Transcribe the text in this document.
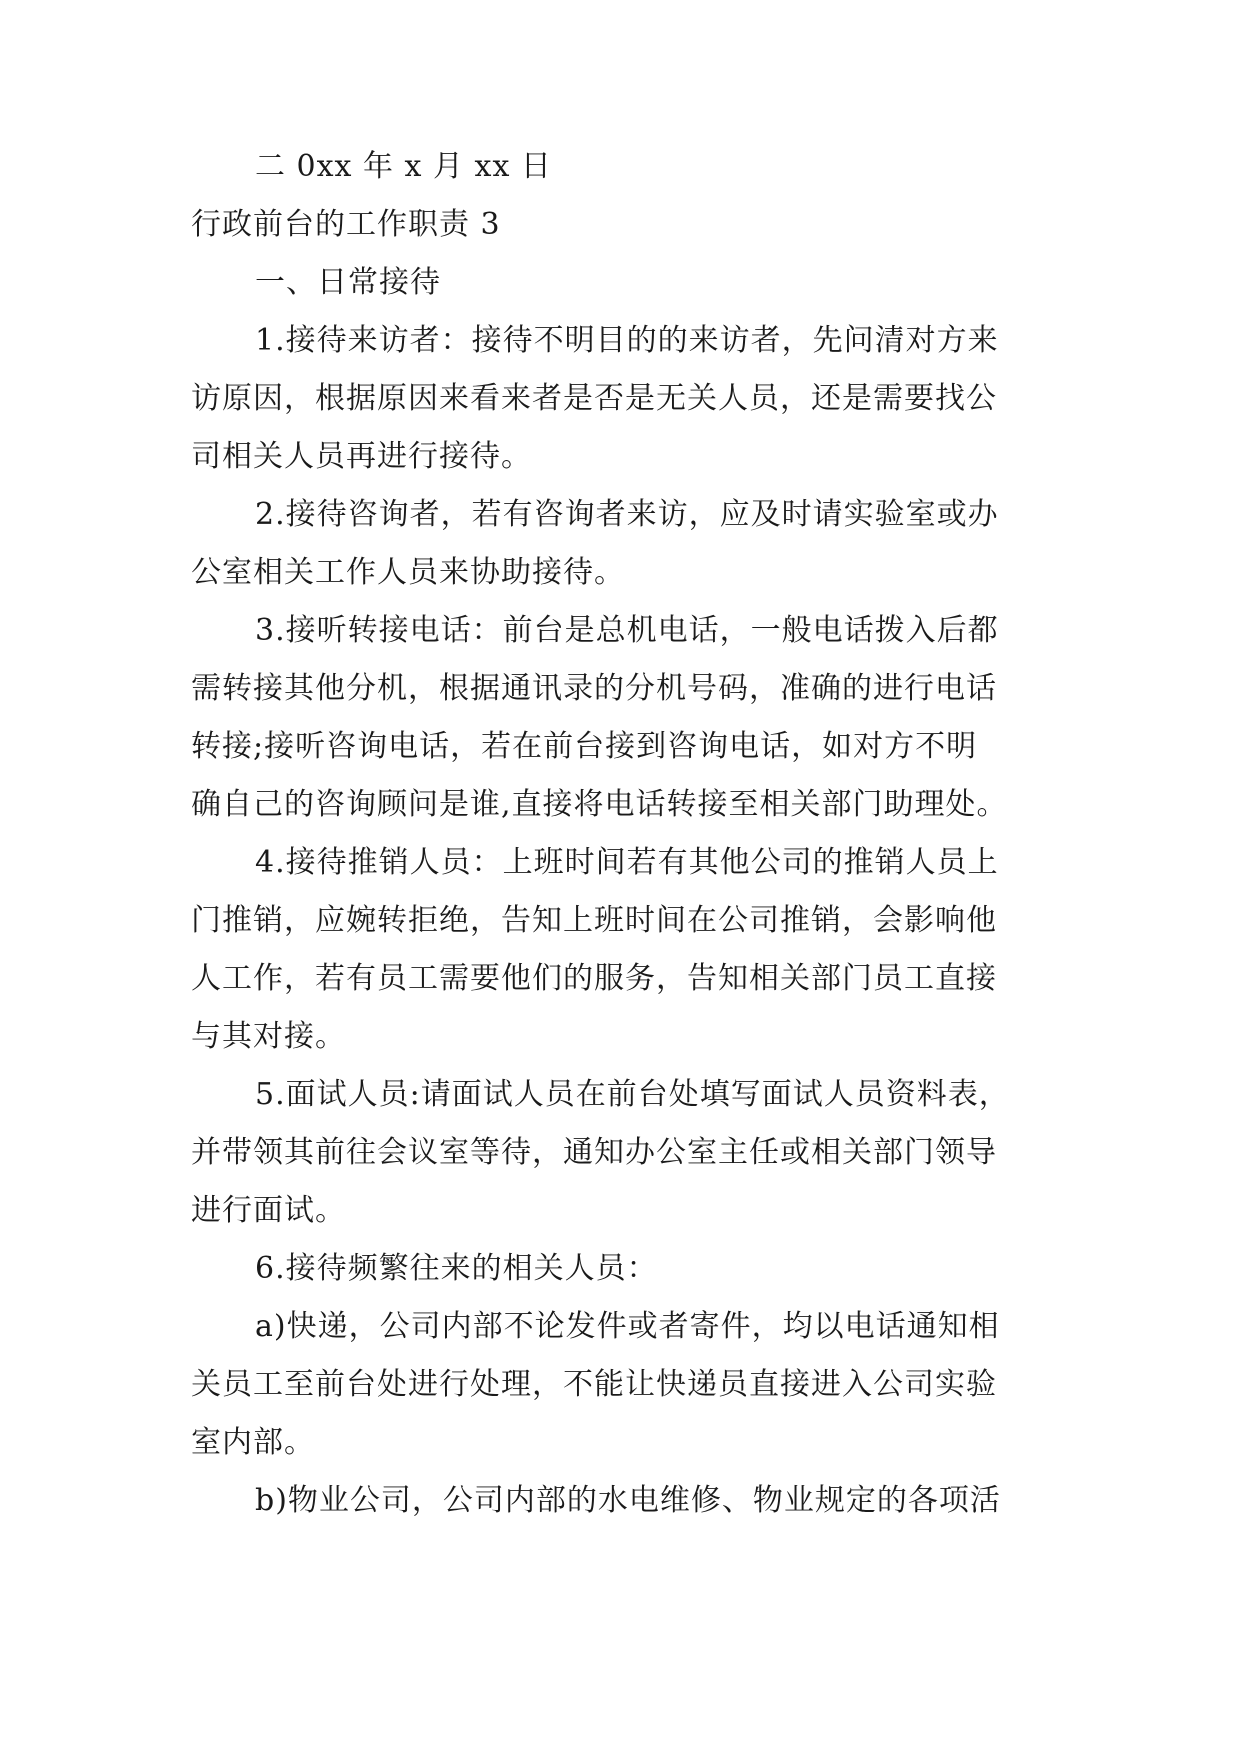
二 0xx 年 x 月 xx 日
行政前台的工作职责 3
一、日常接待
1.接待来访者：接待不明目的的来访者，先问清对方来
访原因，根据原因来看来者是否是无关人员，还是需要找公
司相关人员再进行接待。
2.接待咨询者，若有咨询者来访，应及时请实验室或办
公室相关工作人员来协助接待。
3.接听转接电话：前台是总机电话，一般电话拨入后都
需转接其他分机，根据通讯录的分机号码，准确的进行电话
转接;接听咨询电话，若在前台接到咨询电话，如对方不明
确自己的咨询顾问是谁,直接将电话转接至相关部门助理处。
4.接待推销人员：上班时间若有其他公司的推销人员上
门推销，应婉转拒绝，告知上班时间在公司推销，会影响他
人工作，若有员工需要他们的服务，告知相关部门员工直接
与其对接。
5.面试人员:请面试人员在前台处填写面试人员资料表，
并带领其前往会议室等待，通知办公室主任或相关部门领导
进行面试。
6.接待频繁往来的相关人员：
a)快递，公司内部不论发件或者寄件，均以电话通知相
关员工至前台处进行处理，不能让快递员直接进入公司实验
室内部。
b)物业公司，公司内部的水电维修、物业规定的各项活
